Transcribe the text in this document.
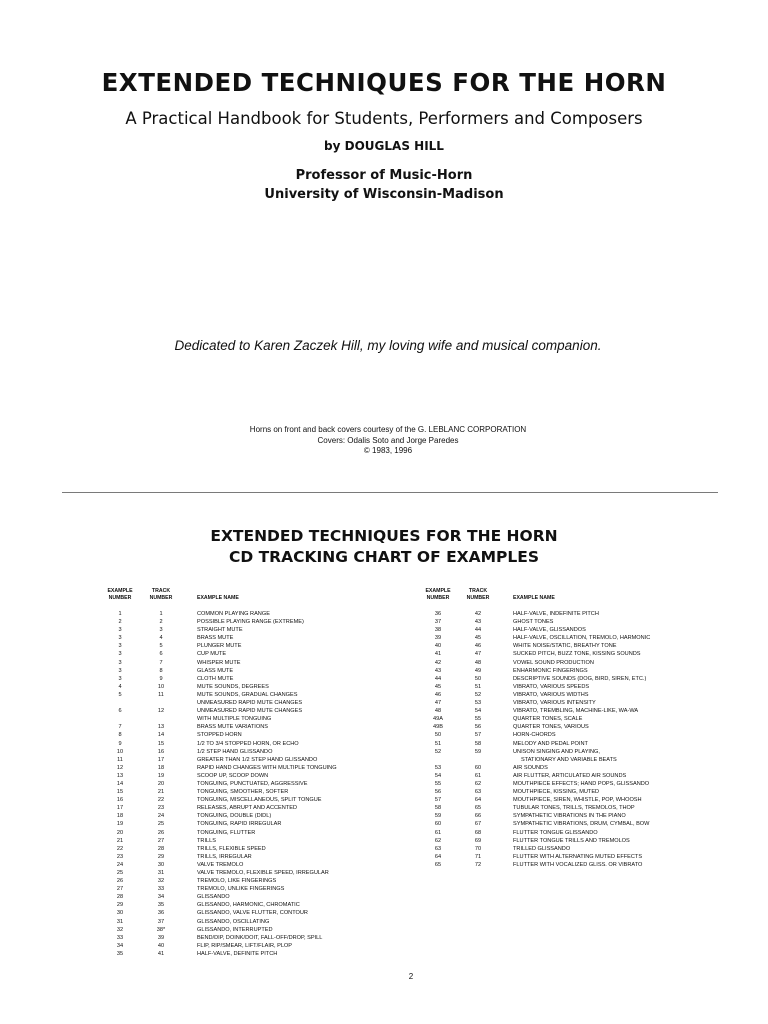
EXTENDED TECHNIQUES FOR THE HORN
A Practical Handbook for Students, Performers and Composers
by DOUGLAS HILL
Professor of Music-Horn
University of Wisconsin-Madison
Dedicated to Karen Zaczek Hill, my loving wife and musical companion.
Horns on front and back covers courtesy of the G. LEBLANC CORPORATION
Covers: Odalis Soto and Jorge Paredes
© 1983, 1996
EXTENDED TECHNIQUES FOR THE HORN
CD TRACKING CHART OF EXAMPLES
EXAMPLE
NUMBER
TRACK
NUMBER	EXAMPLE NAME
EXAMPLE
NUMBER
TRACK
NUMBER	EXAMPLE NAME
1	1	COMMON PLAYING RANGE
2	2	POSSIBLE PLAYING RANGE (EXTREME)
3	3	STRAIGHT MUTE
3	4	BRASS MUTE
3	5	PLUNGER MUTE
3	6	CUP MUTE
3	7	WHISPER MUTE
3	8	GLASS MUTE
3	9	CLOTH MUTE
4	10	MUTE SOUNDS, DEGREES
5	11	MUTE SOUNDS, GRADUAL CHANGES
UNMEASURED RAPID MUTE CHANGES
6	12	UNMEASURED RAPID MUTE CHANGES
WITH MULTIPLE TONGUING
7	13	BRASS MUTE VARIATIONS
8	14	STOPPED HORN
9	15	1/2 TO 3/4 STOPPED HORN, OR ECHO
10	16	1/2 STEP HAND GLISSANDO
11	17	GREATER THAN 1/2 STEP HAND GLISSANDO
12	18	RAPID HAND CHANGES WITH MULTIPLE TONGUING
13	19	SCOOP UP, SCOOP DOWN
14	20	TONGUING, PUNCTUATED, AGGRESSIVE
15	21	TONGUING, SMOOTHER, SOFTER
16	22	TONGUING, MISCELLANEOUS, SPLIT TONGUE
17	23	RELEASES, ABRUPT AND ACCENTED
18	24	TONGUING, DOUBLE (DIDL)
19	25	TONGUING, RAPID IRREGULAR
20	26	TONGUING, FLUTTER
21	27	TRILLS
22	28	TRILLS, FLEXIBLE SPEED
23	29	TRILLS, IRREGULAR
24	30	VALVE TREMOLO
25	31	VALVE TREMOLO, FLEXIBLE SPEED, IRREGULAR
26	32	TREMOLO, LIKE FINGERINGS
27	33	TREMOLO, UNLIKE FINGERINGS
28	34	GLISSANDO
29	35	GLISSANDO, HARMONIC, CHROMATIC
30	36	GLISSANDO, VALVE FLUTTER, CONTOUR
31	37	GLISSANDO, OSCILLATING
32	38*	GLISSANDO, INTERRUPTED
33	39	BEND/DIP, DOINK/DOIT, FALL-OFF/DROP, SPILL
34	40	FLIP, RIP/SMEAR, LIFT/FLAIR, PLOP
35	41	HALF-VALVE, DEFINITE PITCH
36	42	HALF-VALVE, INDEFINITE PITCH
37	43	GHOST TONES
38	44	HALF-VALVE, GLISSANDOS
39	45	HALF-VALVE, OSCILLATION, TREMOLO, HARMONIC
40	46	WHITE NOISE/STATIC, BREATHY TONE
41	47	SUCKED PITCH, BUZZ TONE, KISSING SOUNDS
42	48	VOWEL SOUND PRODUCTION
43	49	ENHARMONIC FINGERINGS
44	50	DESCRIPTIVE SOUNDS (DOG, BIRD, SIREN, ETC.)
45	51	VIBRATO, VARIOUS SPEEDS
46	52	VIBRATO, VARIOUS WIDTHS
47	53	VIBRATO, VARIOUS INTENSITY
48	54	VIBRATO, TREMBLING, MACHINE-LIKE, WA-WA
49A	55	QUARTER TONES, SCALE
49B	56	QUARTER TONES, VARIOUS
50	57	HORN-CHORDS
51	58	MELODY AND PEDAL POINT
52	59	UNISON SINGING AND PLAYING,
STATIONARY AND VARIABLE BEATS
53	60	AIR SOUNDS
54	61	AIR FLUTTER, ARTICULATED AIR SOUNDS
55	62	MOUTHPIECE EFFECTS; HAND POPS, GLISSANDO
56	63	MOUTHPIECE, KISSING, MUTED
57	64	MOUTHPIECE, SIREN, WHISTLE, POP, WHOOSH
58	65	TUBULAR TONES, TRILLS, TREMOLOS, THOP
59	66	SYMPATHETIC VIBRATIONS IN THE PIANO
60	67	SYMPATHETIC VIBRATIONS, DRUM, CYMBAL, BOW
61	68	FLUTTER TONGUE GLISSANDO
62	69	FLUTTER TONGUE TRILLS AND TREMOLOS
63	70	TRILLED GLISSANDO
64	71	FLUTTER WITH ALTERNATING MUTED EFFECTS
65	72	FLUTTER WITH VOCALIZED GLISS. OR VIBRATO
2
